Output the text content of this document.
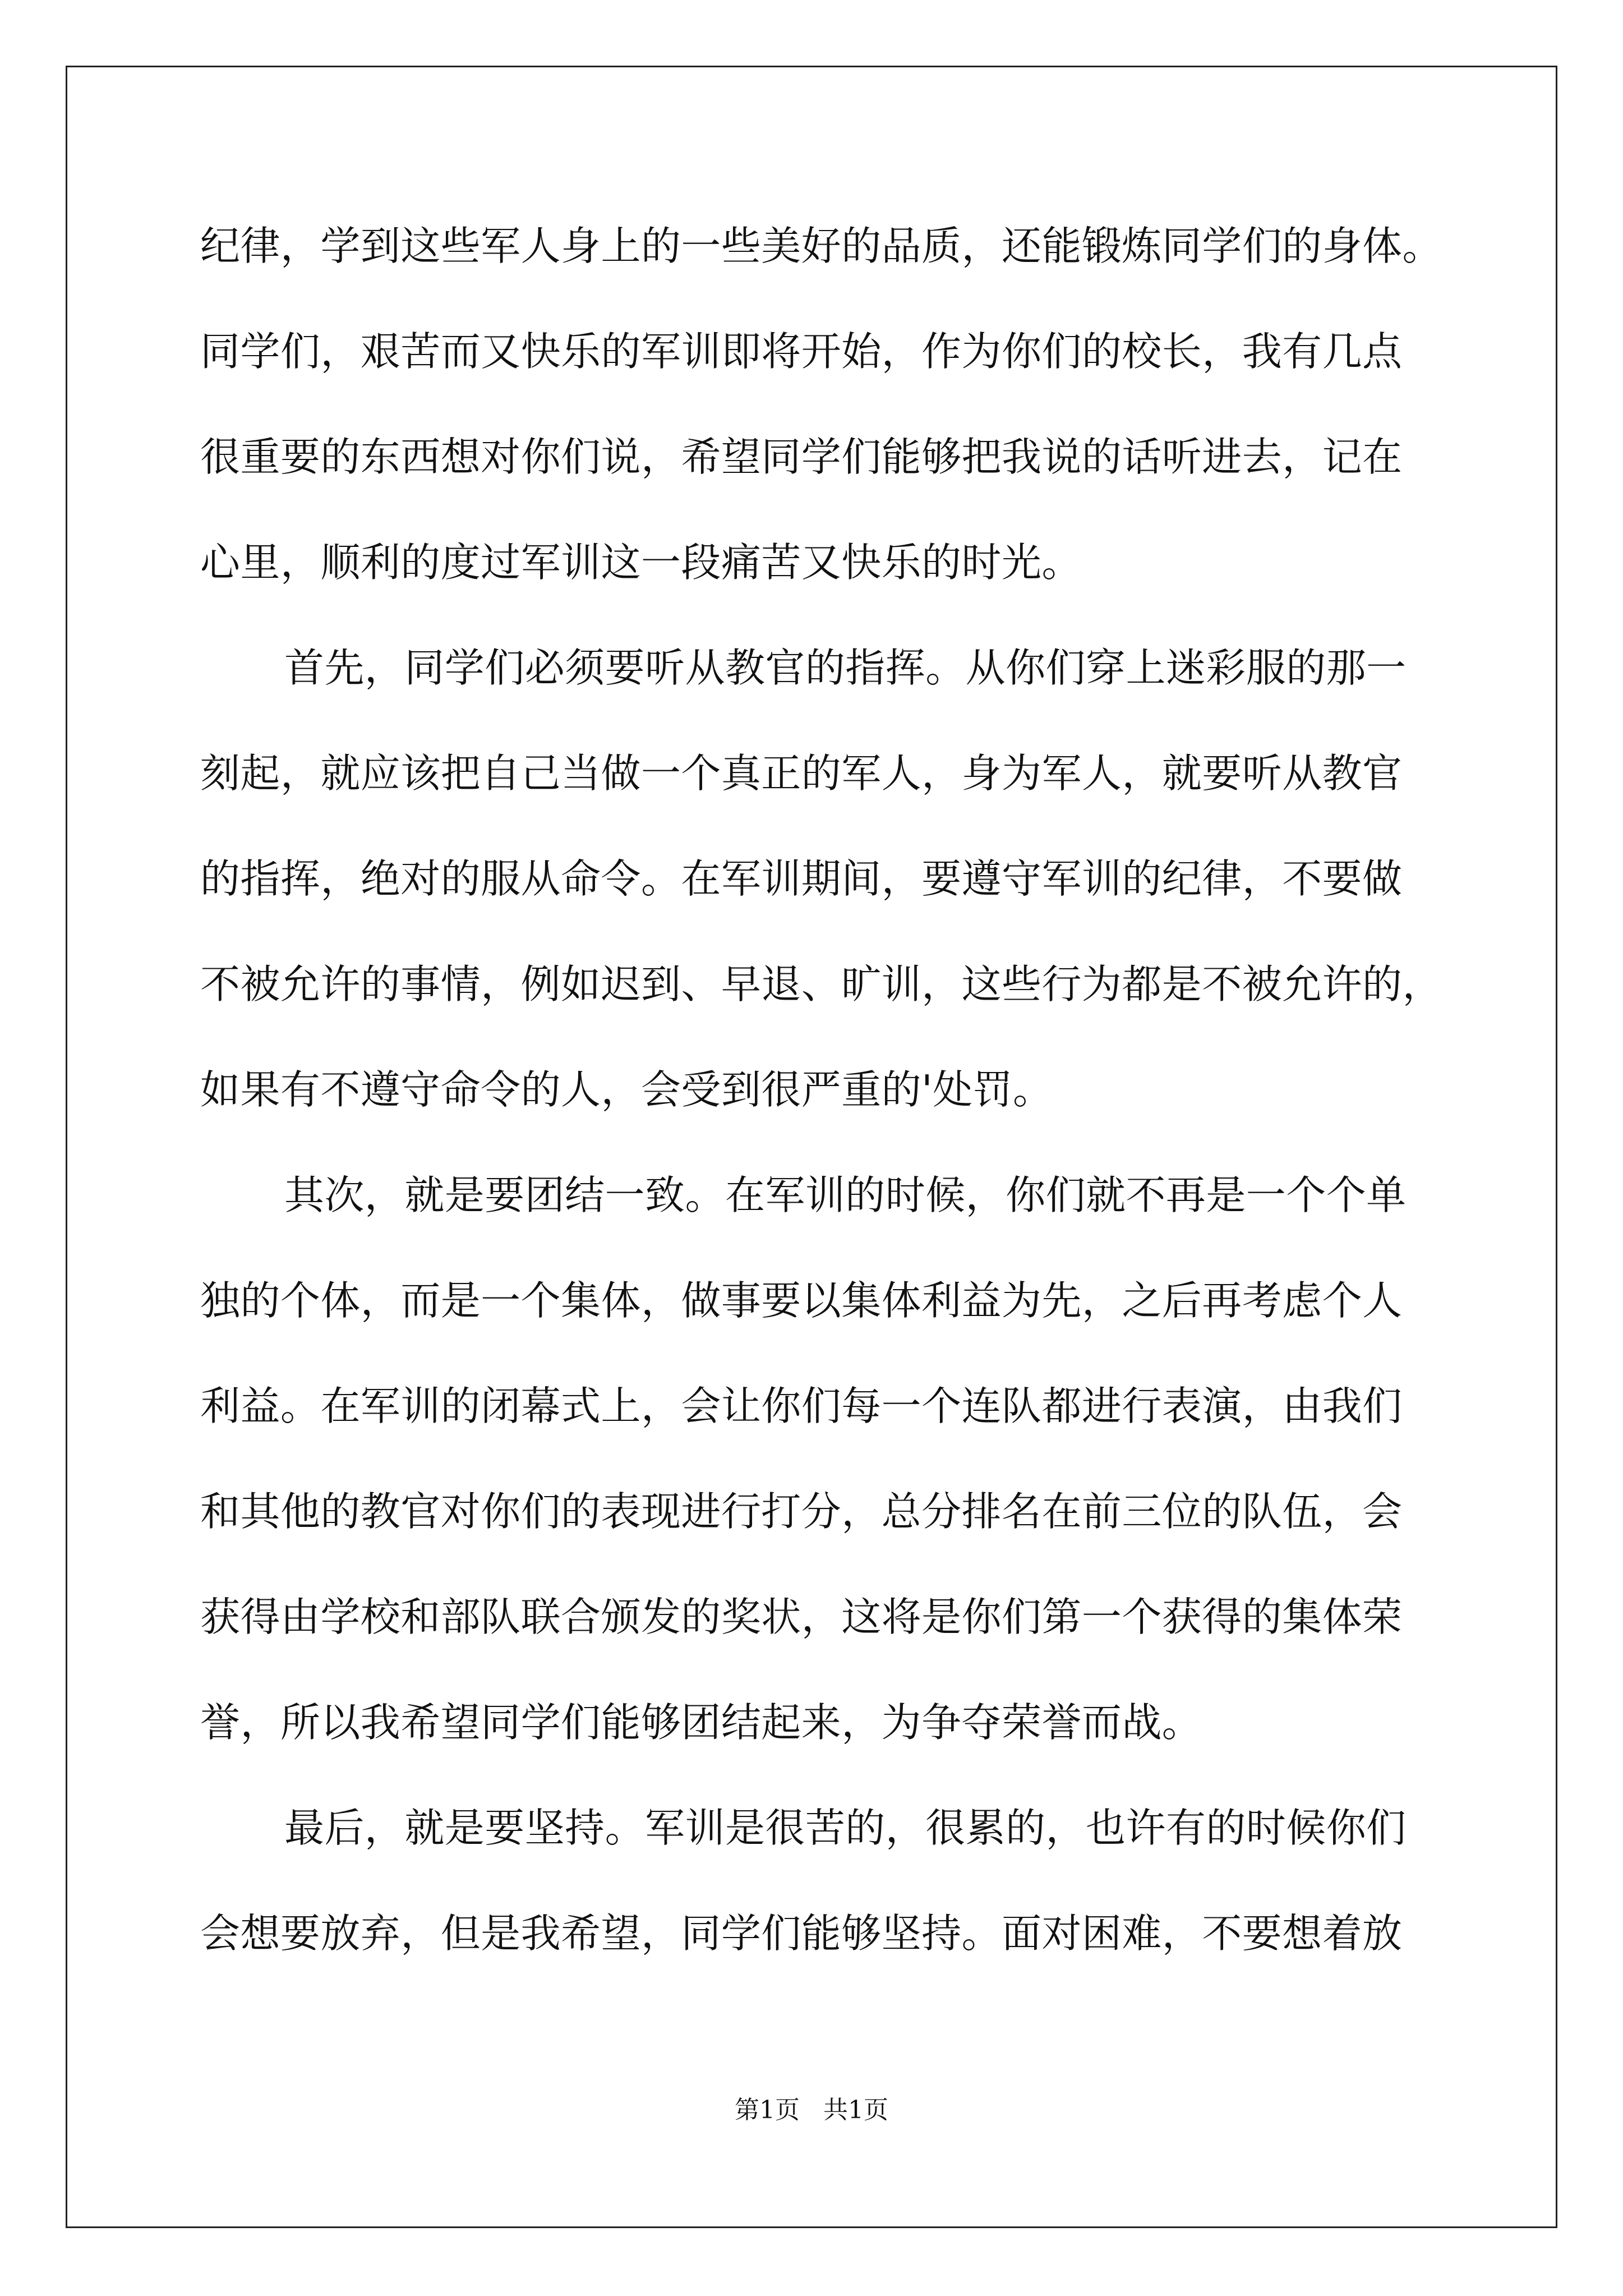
纪律，学到这些军人身上的一些美好的品质，还能锻炼同学们的身体。
同学们，艰苦而又快乐的军训即将开始，作为你们的校长，我有几点
很重要的东西想对你们说，希望同学们能够把我说的话听进去，记在
心里，顺利的度过军训这一段痛苦又快乐的时光。
首先，同学们必须要听从教官的指挥。从你们穿上迷彩服的那一
刻起，就应该把自己当做一个真正的军人，身为军人，就要听从教官
的指挥，绝对的服从命令。在军训期间，要遵守军训的纪律，不要做
不被允许的事情，例如迟到、早退、旷训，这些行为都是不被允许的，
如果有不遵守命令的人，会受到很严重的'处罚。
其次，就是要团结一致。在军训的时候，你们就不再是一个个单
独的个体，而是一个集体，做事要以集体利益为先，之后再考虑个人
利益。在军训的闭幕式上，会让你们每一个连队都进行表演，由我们
和其他的教官对你们的表现进行打分，总分排名在前三位的队伍，会
获得由学校和部队联合颁发的奖状，这将是你们第一个获得的集体荣
誉，所以我希望同学们能够团结起来，为争夺荣誉而战。
最后，就是要坚持。军训是很苦的，很累的，也许有的时候你们
会想要放弃，但是我希望，同学们能够坚持。面对困难，不要想着放
第1页   共1页
